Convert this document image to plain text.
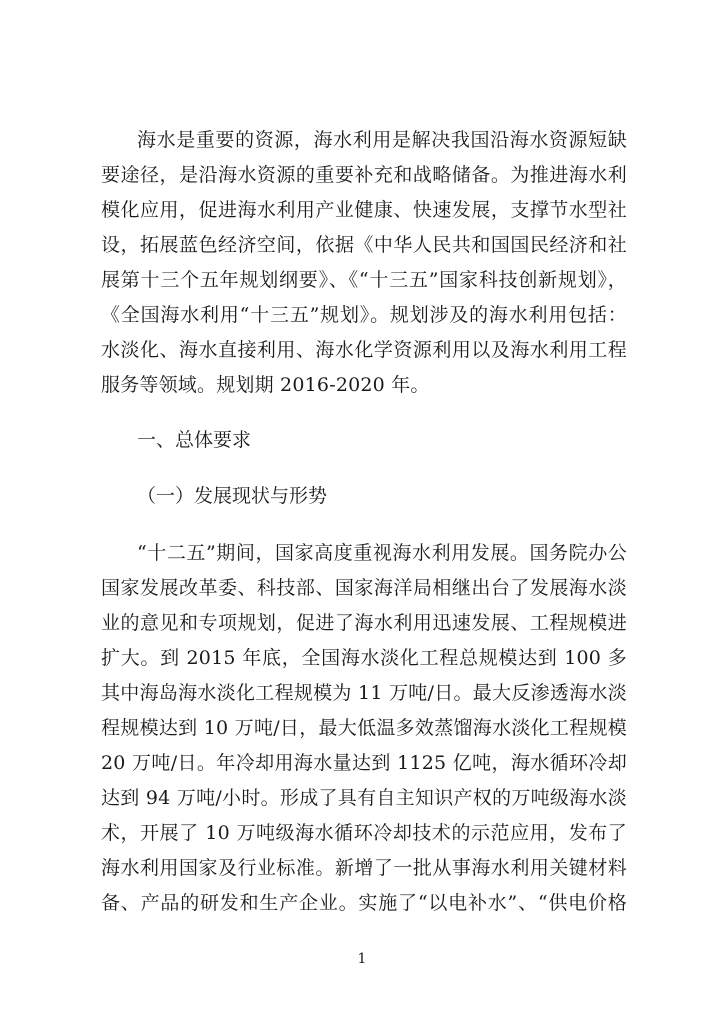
海水是重要的资源，海水利用是解决我国沿海水资源短缺
要途径，是沿海水资源的重要补充和战略储备。为推进海水利
模化应用，促进海水利用产业健康、快速发展，支撑节水型社
设，拓展蓝色经济空间，依据《中华人民共和国国民经济和社
展第十三个五年规划纲要》、《“十三五”国家科技创新规划》，
《全国海水利用“十三五”规划》。规划涉及的海水利用包括：
水淡化、海水直接利用、海水化学资源利用以及海水利用工程
服务等领域。规划期 2016-2020 年。
一、总体要求
（一）发展现状与形势
“十二五”期间，国家高度重视海水利用发展。国务院办公
国家发展改革委、科技部、国家海洋局相继出台了发展海水淡
业的意见和专项规划，促进了海水利用迅速发展、工程规模进
扩大。到 2015 年底，全国海水淡化工程总规模达到 100 多
其中海岛海水淡化工程规模为 11 万吨/日。最大反渗透海水淡
程规模达到 10 万吨/日，最大低温多效蒸馏海水淡化工程规模
20 万吨/日。年冷却用海水量达到 1125 亿吨，海水循环冷却
达到 94 万吨/小时。形成了具有自主知识产权的万吨级海水淡
术，开展了 10 万吨级海水循环冷却技术的示范应用，发布了
海水利用国家及行业标准。新增了一批从事海水利用关键材料
备、产品的研发和生产企业。实施了“以电补水”、“供电价格
1
